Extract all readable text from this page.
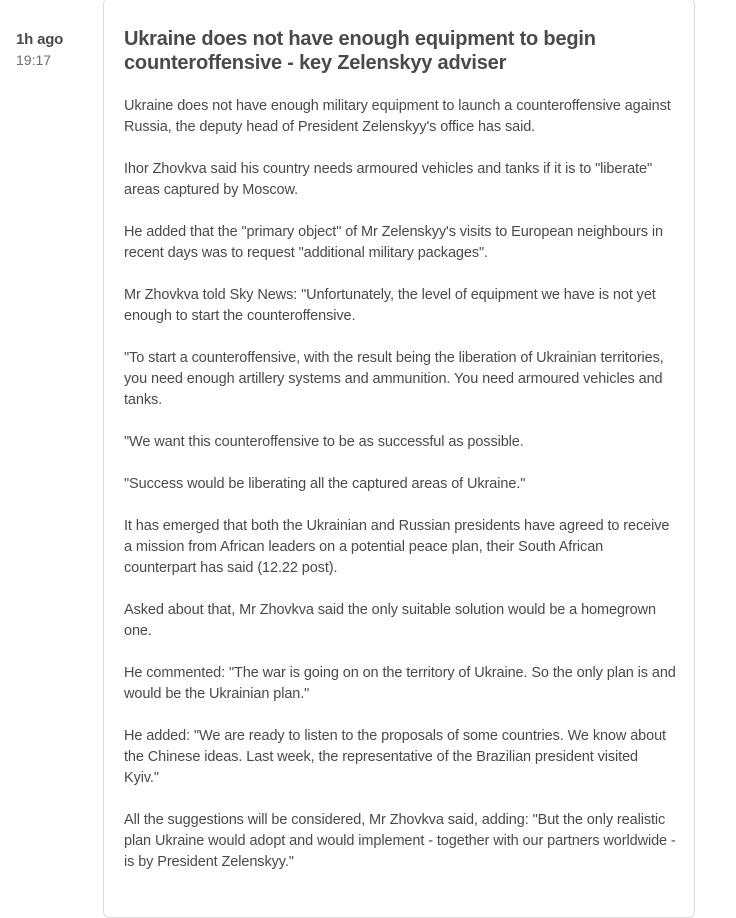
1h ago
19:17
Ukraine does not have enough equipment to begin counteroffensive - key Zelenskyy adviser

Ukraine does not have enough military equipment to launch a counteroffensive against Russia, the deputy head of President Zelenskyy's office has said.

Ihor Zhovkva said his country needs armoured vehicles and tanks if it is to "liberate" areas captured by Moscow.

He added that the "primary object" of Mr Zelenskyy's visits to European neighbours in recent days was to request "additional military packages".

Mr Zhovkva told Sky News: "Unfortunately, the level of equipment we have is not yet enough to start the counteroffensive.

"To start a counteroffensive, with the result being the liberation of Ukrainian territories, you need enough artillery systems and ammunition. You need armoured vehicles and tanks.

"We want this counteroffensive to be as successful as possible.

"Success would be liberating all the captured areas of Ukraine."

It has emerged that both the Ukrainian and Russian presidents have agreed to receive a mission from African leaders on a potential peace plan, their South African counterpart has said (12.22 post).

Asked about that, Mr Zhovkva said the only suitable solution would be a homegrown one.

He commented: "The war is going on on the territory of Ukraine. So the only plan is and would be the Ukrainian plan."

He added: "We are ready to listen to the proposals of some countries. We know about the Chinese ideas. Last week, the representative of the Brazilian president visited Kyiv."

All the suggestions will be considered, Mr Zhovkva said, adding: "But the only realistic plan Ukraine would adopt and would implement - together with our partners worldwide - is by President Zelenskyy."
